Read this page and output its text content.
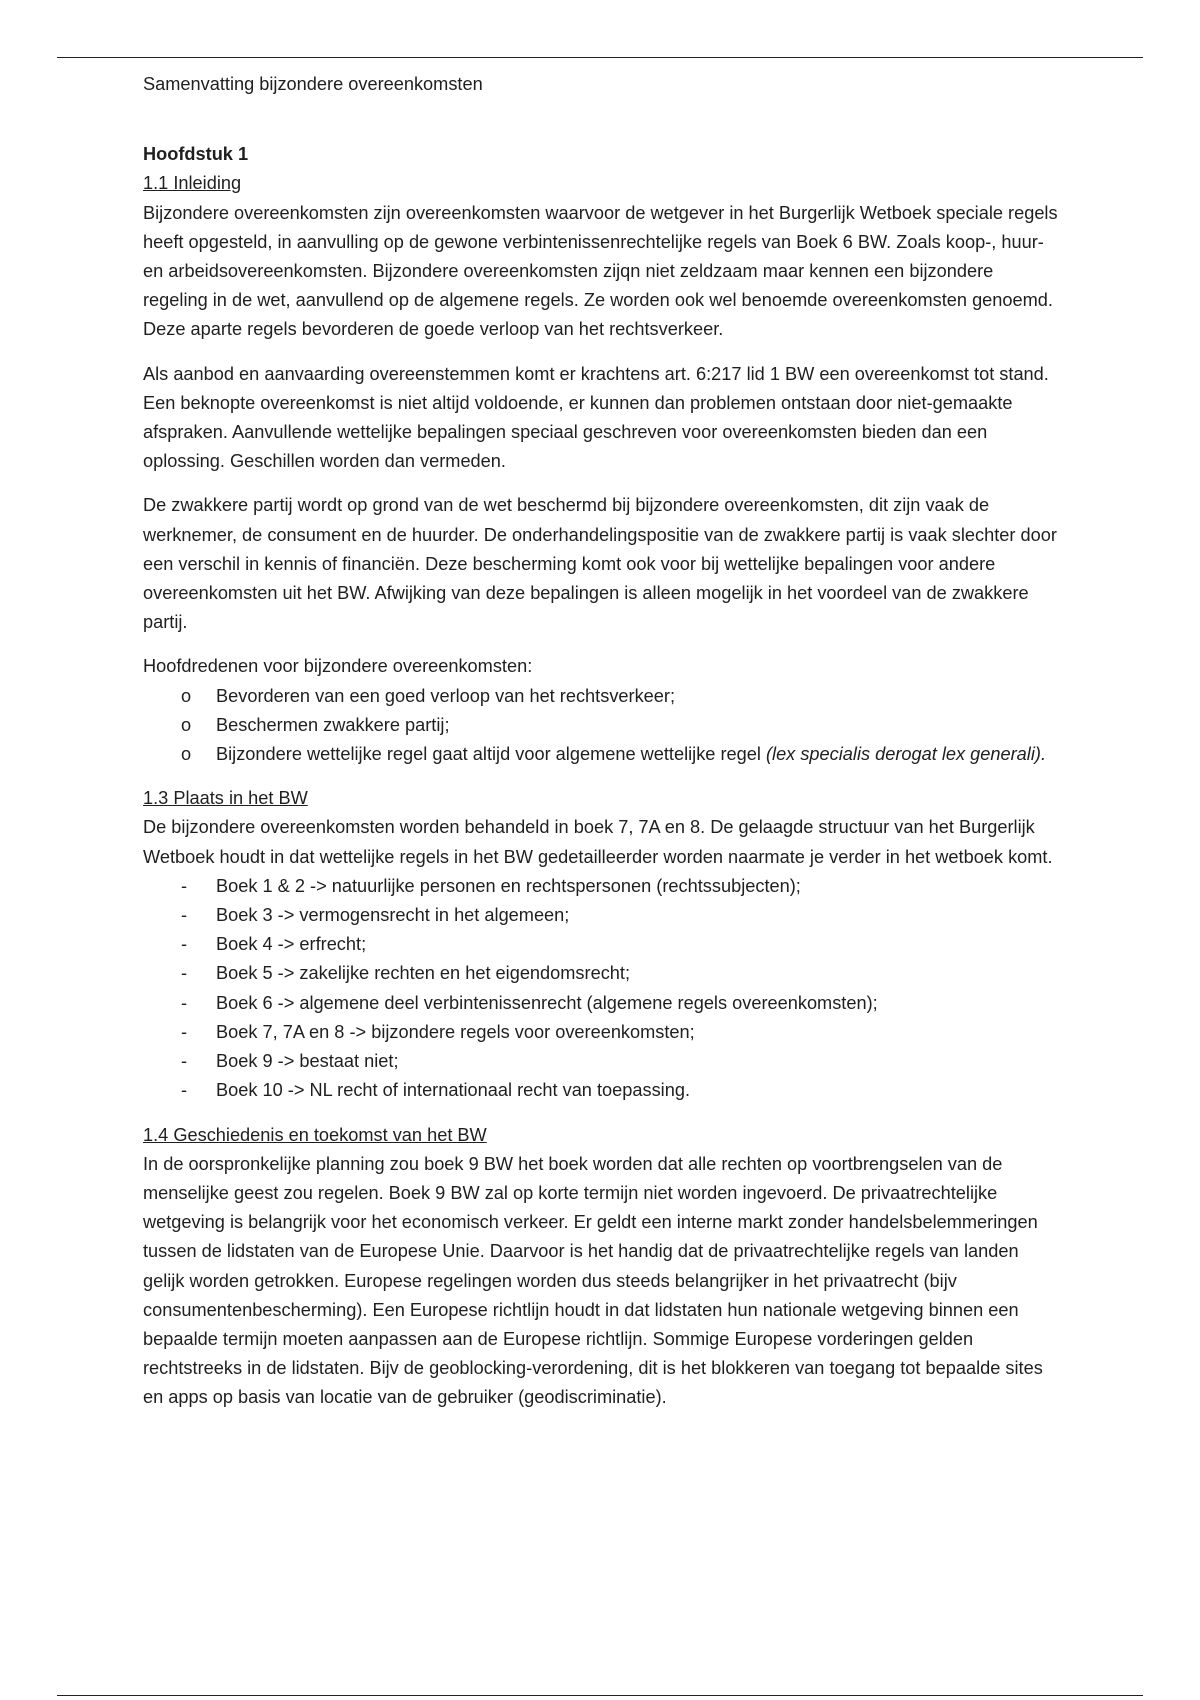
Samenvatting bijzondere overeenkomsten

Hoofdstuk 1

1.1 Inleiding

Bijzondere overeenkomsten zijn overeenkomsten waarvoor de wetgever in het Burgerlijk Wetboek speciale regels heeft opgesteld, in aanvulling op de gewone verbintenissenrechtelijke regels van Boek 6 BW. Zoals koop-, huur- en arbeidsovereenkomsten. Bijzondere overeenkomsten zijqn niet zeldzaam maar kennen een bijzondere regeling in de wet, aanvullend op de algemene regels. Ze worden ook wel benoemde overeenkomsten genoemd. Deze aparte regels bevorderen de goede verloop van het rechtsverkeer.

Als aanbod en aanvaarding overeenstemmen komt er krachtens art. 6:217 lid 1 BW een overeenkomst tot stand. Een beknopte overeenkomst is niet altijd voldoende, er kunnen dan problemen ontstaan door niet-gemaakte afspraken. Aanvullende wettelijke bepalingen speciaal geschreven voor overeenkomsten bieden dan een oplossing. Geschillen worden dan vermeden.

De zwakkere partij wordt op grond van de wet beschermd bij bijzondere overeenkomsten, dit zijn vaak de werknemer, de consument en de huurder. De onderhandelingspositie van de zwakkere partij is vaak slechter door een verschil in kennis of financiën. Deze bescherming komt ook voor bij wettelijke bepalingen voor andere overeenkomsten uit het BW. Afwijking van deze bepalingen is alleen mogelijk in het voordeel van de zwakkere partij.

Hoofdredenen voor bijzondere overeenkomsten:

o Bevorderen van een goed verloop van het rechtsverkeer;
o Beschermen zwakkere partij;
o Bijzondere wettelijke regel gaat altijd voor algemene wettelijke regel (lex specialis derogat lex generali).

1.3 Plaats in het BW

De bijzondere overeenkomsten worden behandeld in boek 7, 7A en 8. De gelaagde structuur van het Burgerlijk Wetboek houdt in dat wettelijke regels in het BW gedetailleerder worden naarmate je verder in het wetboek komt.

- Boek 1 & 2 -> natuurlijke personen en rechtspersonen (rechtssubjecten);
- Boek 3 -> vermogensrecht in het algemeen;
- Boek 4 -> erfrecht;
- Boek 5 -> zakelijke rechten en het eigendomsrecht;
- Boek 6 -> algemene deel verbintenissenrecht (algemene regels overeenkomsten);
- Boek 7, 7A en 8 -> bijzondere regels voor overeenkomsten;
- Boek 9 -> bestaat niet;
- Boek 10 -> NL recht of internationaal recht van toepassing.

1.4 Geschiedenis en toekomst van het BW

In de oorspronkelijke planning zou boek 9 BW het boek worden dat alle rechten op voortbrengselen van de menselijke geest zou regelen. Boek 9 BW zal op korte termijn niet worden ingevoerd. De privaatrechtelijke wetgeving is belangrijk voor het economisch verkeer. Er geldt een interne markt zonder handelsbelemmeringen tussen de lidstaten van de Europese Unie. Daarvoor is het handig dat de privaatrechtelijke regels van landen gelijk worden getrokken. Europese regelingen worden dus steeds belangrijker in het privaatrecht (bijv consumentenbescherming). Een Europese richtlijn houdt in dat lidstaten hun nationale wetgeving binnen een bepaalde termijn moeten aanpassen aan de Europese richtlijn. Sommige Europese vorderingen gelden rechtstreeks in de lidstaten. Bijv de geoblocking-verordening, dit is het blokkeren van toegang tot bepaalde sites en apps op basis van locatie van de gebruiker (geodiscriminatie).
